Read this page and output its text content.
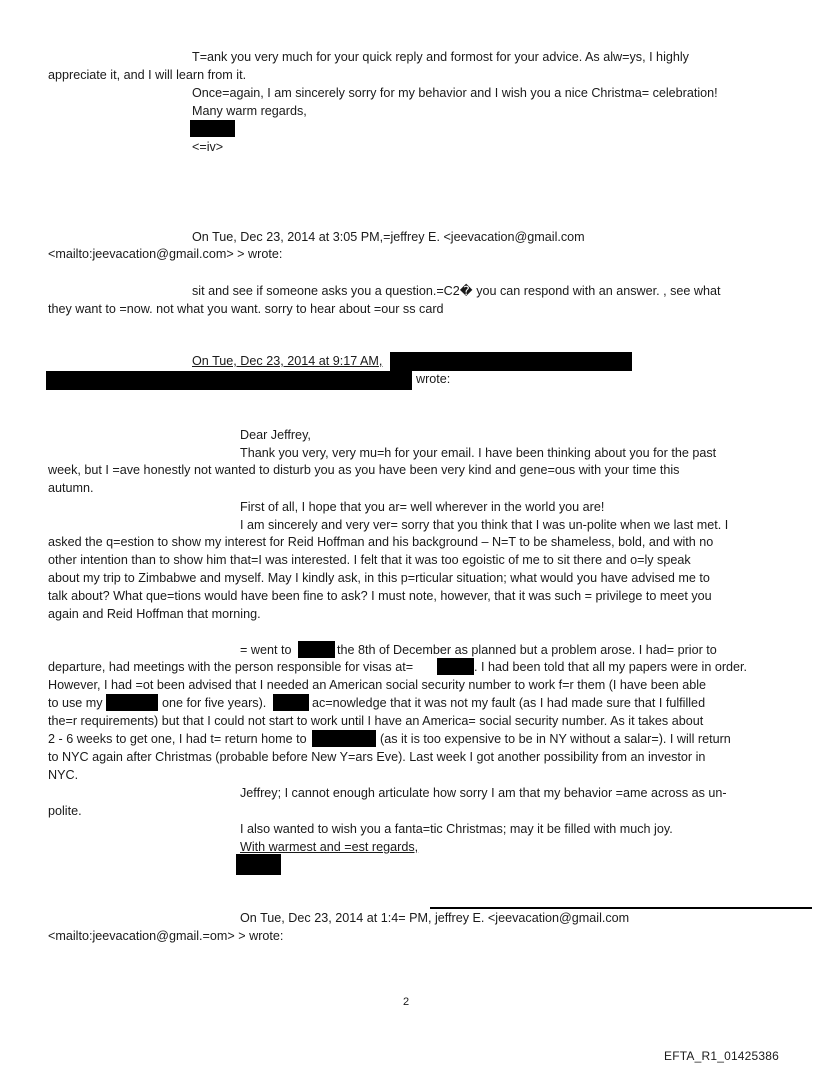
T=ank you very much for your quick reply and formost for your advice. As alw=ys, I highly
appreciate it, and I will learn from it.
Once=again, I am sincerely sorry for my behavior and I wish you a nice Christma= celebration!
Many warm regards,
<=iv>
On Tue, Dec 23, 2014 at 3:05 PM,=jeffrey E. <jeevacation@gmail.com
<mailto:jeevacation@gmail.com> > wrote:
sit and see if someone asks you a question.=C2� you can respond with an answer. , see what
they want to =now. not what you want. sorry to hear about =our ss card
On Tue, Dec 23, 2014 at 9:17 AM,
wrote:
Dear Jeffrey,
Thank you very, very mu=h for your email. I have been thinking about you for the past
week, but I =ave honestly not wanted to disturb you as you have been very kind and gene=ous with your time this
autumn.
First of all, I hope that you ar= well wherever in the world you are!
I am sincerely and very ver= sorry that you think that I was un-polite when we last met. I
asked the q=estion to show my interest for Reid Hoffman and his background – N=T to be shameless, bold, and with no
other intention than to show him that=I was interested. I felt that it was too egoistic of me to sit there and o=ly speak
about my trip to Zimbabwe and myself. May I kindly ask, in this p=rticular situation; what would you have advised me to
talk about? What que=tions would have been fine to ask? I must note, however, that it was such = privilege to meet you
again and Reid Hoffman that morning.
= went to	the 8th of December as planned but a problem arose. I had= prior to
departure, had meetings with the person responsible for visas at=	. I had been told that all my papers were in order.
However, I had =ot been advised that I needed an American social security number to work f=r them (I have been able
to use my	one for five years).	ac=nowledge that it was not my fault (as I had made sure that I fulfilled
the=r requirements) but that I could not start to work until I have an America= social security number. As it takes about
2 - 6 weeks to get one, I had t= return home to	(as it is too expensive to be in NY without a salar=). I will return
to NYC again after Christmas (probable before New Y=ars Eve). Last week I got another possibility from an investor in
NYC.
Jeffrey; I cannot enough articulate how sorry I am that my behavior =ame across as un-
polite.
I also wanted to wish you a fanta=tic Christmas; may it be filled with much joy.
With warmest and =est regards,
On Tue, Dec 23, 2014 at 1:4= PM, jeffrey E. <jeevacation@gmail.com
<mailto:jeevacation@gmail.=om> > wrote:
2
EFTA_R1_01425386
